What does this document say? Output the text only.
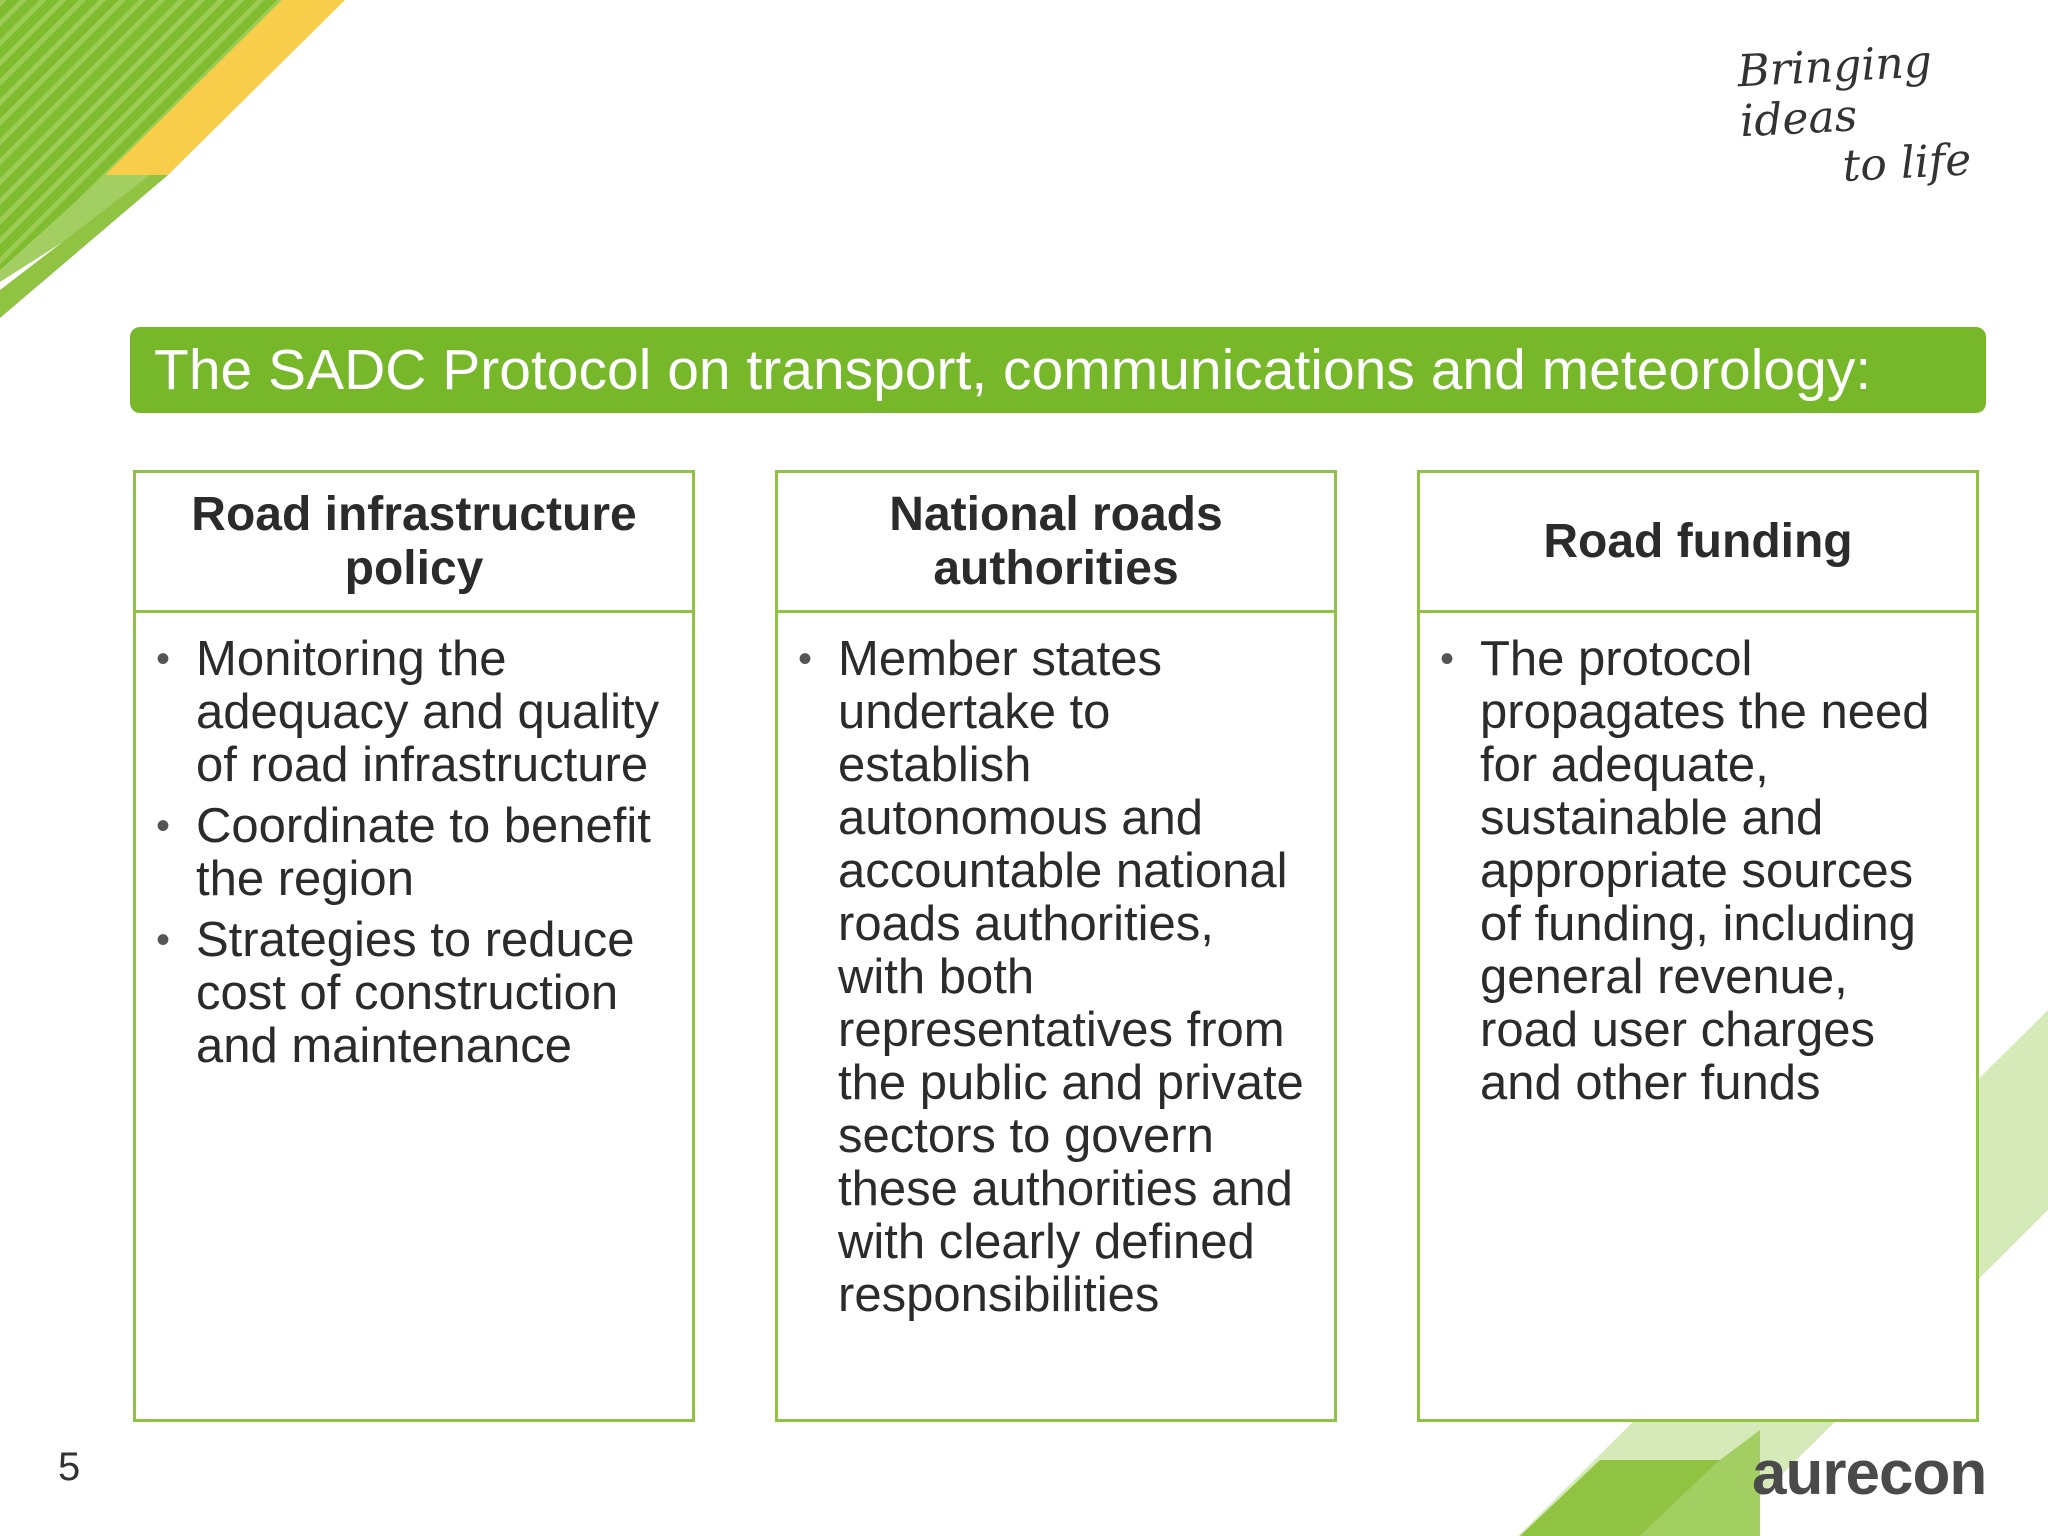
Bringing ideas
to life
The SADC Protocol on transport, communications and meteorology:
Road infrastructure policy
• Monitoring the adequacy and quality of road infrastructure
• Coordinate to benefit the region
• Strategies to reduce cost of construction and maintenance
National roads authorities
• Member states undertake to establish autonomous and accountable national roads authorities, with both representatives from the public and private sectors to govern these authorities and with clearly defined responsibilities
Road funding
• The protocol propagates the need for adequate, sustainable and appropriate sources of funding, including general revenue, road user charges and other funds
5	aurecon
